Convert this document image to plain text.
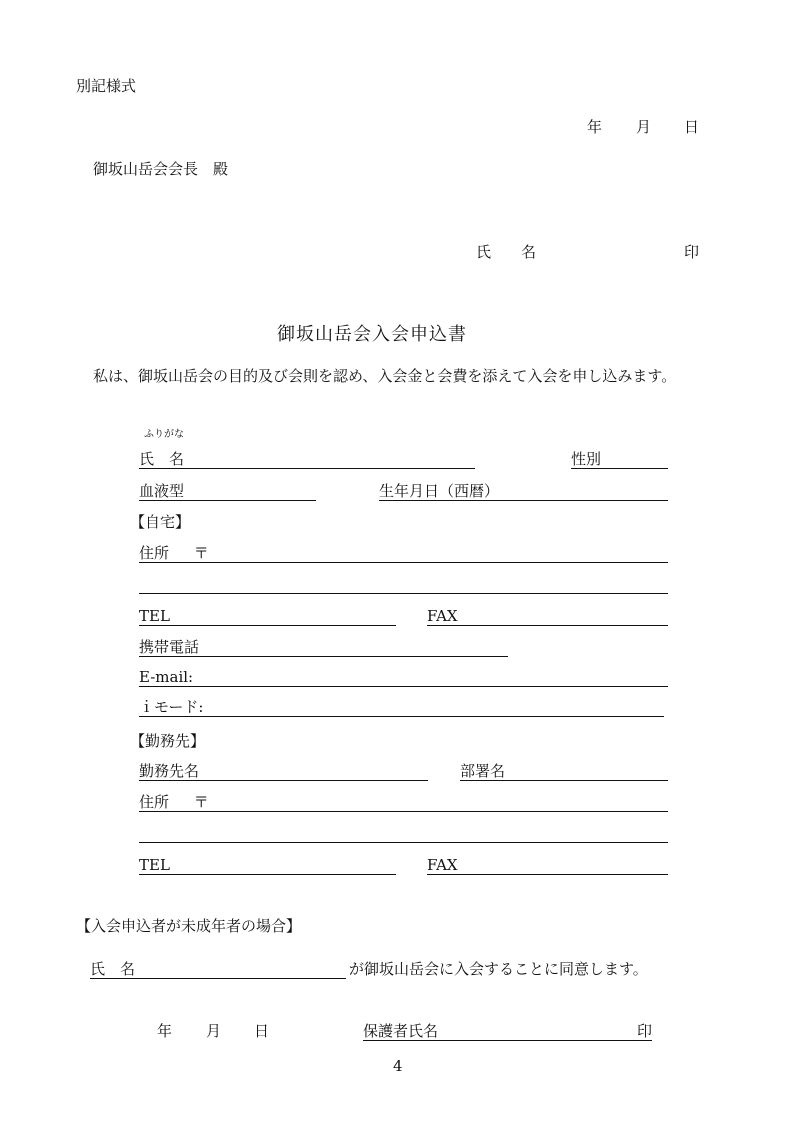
別記様式
年 月 日
御坂山岳会会長　殿
氏　　名	印
御坂山岳会入会申込書
私は、御坂山岳会の目的及び会則を認め、入会金と会費を添えて入会を申し込みます。
ふりがな
氏　名	性別
血液型	生年月日（西暦）
【自宅】
住所 〒
TEL	FAX
携帯電話
E-mail:
ｉモード:
【勤務先】
勤務先名	部署名
住所 〒
TEL	FAX
【入会申込者が未成年者の場合】
氏　名	が御坂山岳会に入会することに同意します。
年 月 日	保護者氏名	印
4
